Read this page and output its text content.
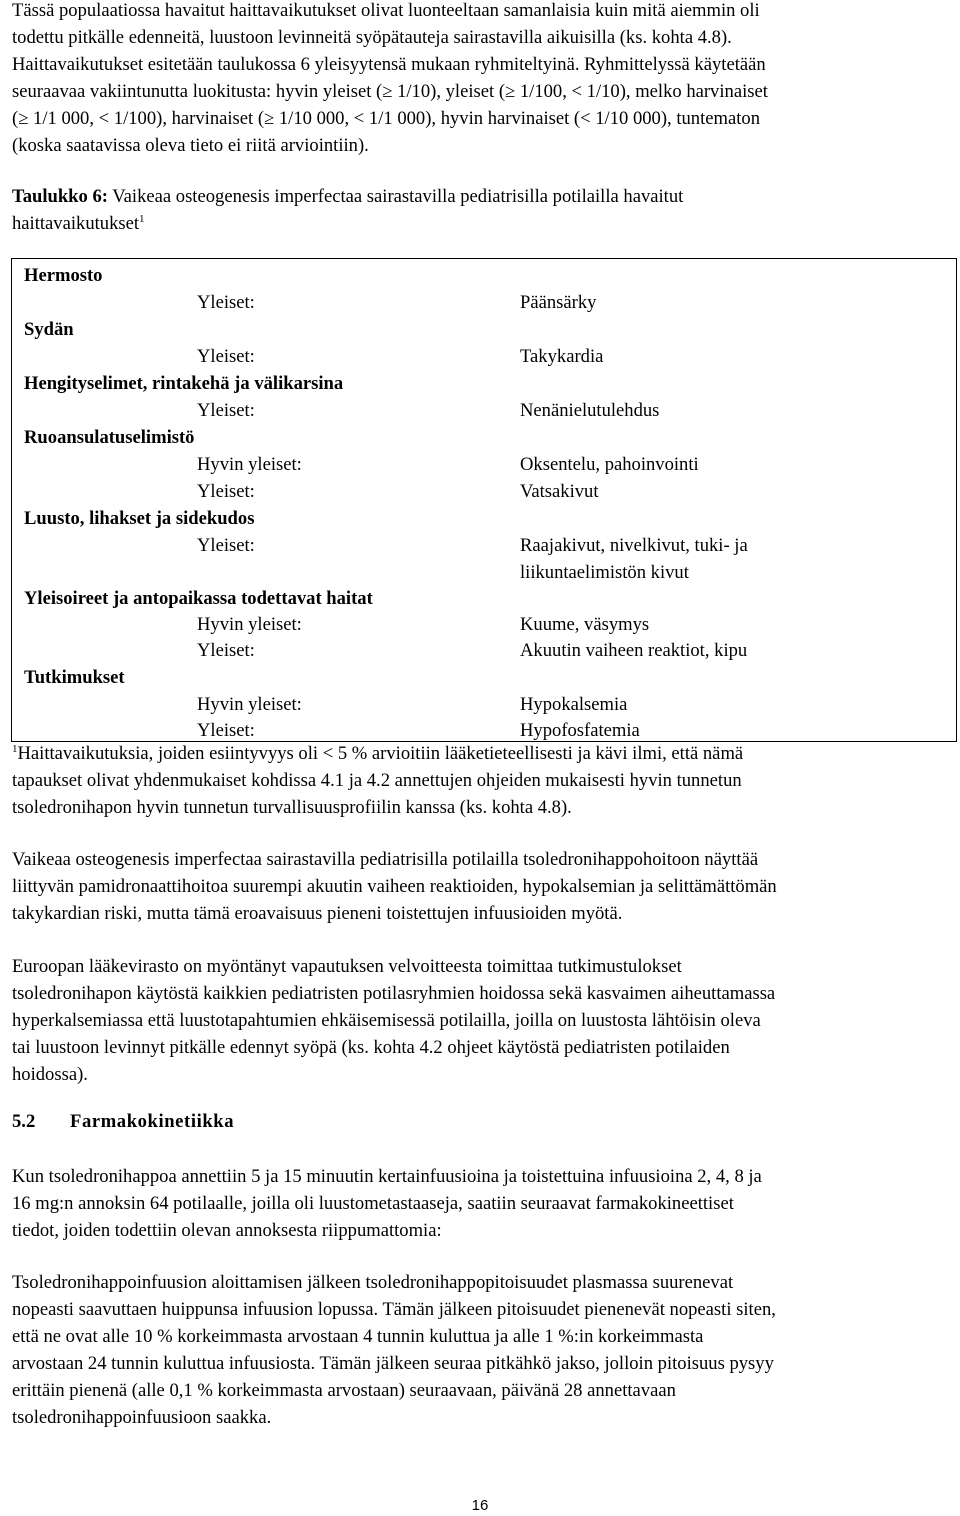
Tässä populaatiossa havaitut haittavaikutukset olivat luonteeltaan samanlaisia kuin mitä aiemmin oli

todettu pitkälle edenneitä, luustoon levinneitä syöpätauteja sairastavilla aikuisilla (ks. kohta 4.8).

Haittavaikutukset esitetään taulukossa 6 yleisyytensä mukaan ryhmiteltyinä. Ryhmittelyssä käytetään

seuraavaa vakiintunutta luokitusta: hyvin yleiset (≥ 1/10), yleiset (≥ 1/100, < 1/10), melko harvinaiset

(≥ 1/1 000, < 1/100), harvinaiset (≥ 1/10 000, < 1/1 000), hyvin harvinaiset (< 1/10 000), tuntematon

(koska saatavissa oleva tieto ei riitä arviointiin).

Taulukko 6: Vaikeaa osteogenesis imperfectaa sairastavilla pediatrisilla potilailla havaitut

haittavaikutukset$^1$

Hermosto
Yleiset:	Päänsärky
Sydän
Yleiset:	Takykardia
Hengityselimet, rintakehä ja välikarsina
Yleiset:	Nenänielutulehdus
Ruoansulatuselimistö
Hyvin yleiset:	Oksentelu, pahoinvointi
Yleiset:	Vatsakivut
Luusto, lihakset ja sidekudos
Yleiset:	Raajakivut, nivelkivut, tuki- ja
liikuntaelimistön kivut
Yleisoireet ja antopaikassa todettavat haitat
Hyvin yleiset:	Kuume, väsymys
Yleiset:	Akuutin vaiheen reaktiot, kipu
Tutkimukset
Hyvin yleiset:	Hypokalsemia
Yleiset:	Hypofosfatemia

$^1$Haittavaikutuksia, joiden esiintyvyys oli < 5 % arvioitiin lääketieteellisesti ja kävi ilmi, että nämä

tapaukset olivat yhdenmukaiset kohdissa 4.1 ja 4.2 annettujen ohjeiden mukaisesti hyvin tunnetun

tsoledronihapon hyvin tunnetun turvallisuusprofiilin kanssa (ks. kohta 4.8).

Vaikeaa osteogenesis imperfectaa sairastavilla pediatrisilla potilailla tsoledronihappohoitoon näyttää

liittyvän pamidronaattihoitoa suurempi akuutin vaiheen reaktioiden, hypokalsemian ja selittämättömän

takykardian riski, mutta tämä eroavaisuus pieneni toistettujen infuusioiden myötä.

Euroopan lääkevirasto on myöntänyt vapautuksen velvoitteesta toimittaa tutkimustulokset

tsoledronihapon käytöstä kaikkien pediatristen potilasryhmien hoidossa sekä kasvaimen aiheuttamassa

hyperkalsemiassa että luustotapahtumien ehkäisemisessä potilailla, joilla on luustosta lähtöisin oleva

tai luustoon levinnyt pitkälle edennyt syöpä (ks. kohta 4.2 ohjeet käytöstä pediatristen potilaiden

hoidossa).

5.2 Farmakokinetiikka

Kun tsoledronihappoa annettiin 5 ja 15 minuutin kertainfuusioina ja toistettuina infuusioina 2, 4, 8 ja

16 mg:n annoksin 64 potilaalle, joilla oli luustometastaaseja, saatiin seuraavat farmakokineettiset

tiedot, joiden todettiin olevan annoksesta riippumattomia:

Tsoledronihappoinfuusion aloittamisen jälkeen tsoledronihappopitoisuudet plasmassa suurenevat

nopeasti saavuttaen huippunsa infuusion lopussa. Tämän jälkeen pitoisuudet pienenevät nopeasti siten,

että ne ovat alle 10 % korkeimmasta arvostaan 4 tunnin kuluttua ja alle 1 %:in korkeimmasta

arvostaan 24 tunnin kuluttua infuusiosta. Tämän jälkeen seuraa pitkähkö jakso, jolloin pitoisuus pysyy

erittäin pienenä (alle 0,1 % korkeimmasta arvostaan) seuraavaan, päivänä 28 annettavaan

tsoledronihappoinfuusioon saakka.

16
